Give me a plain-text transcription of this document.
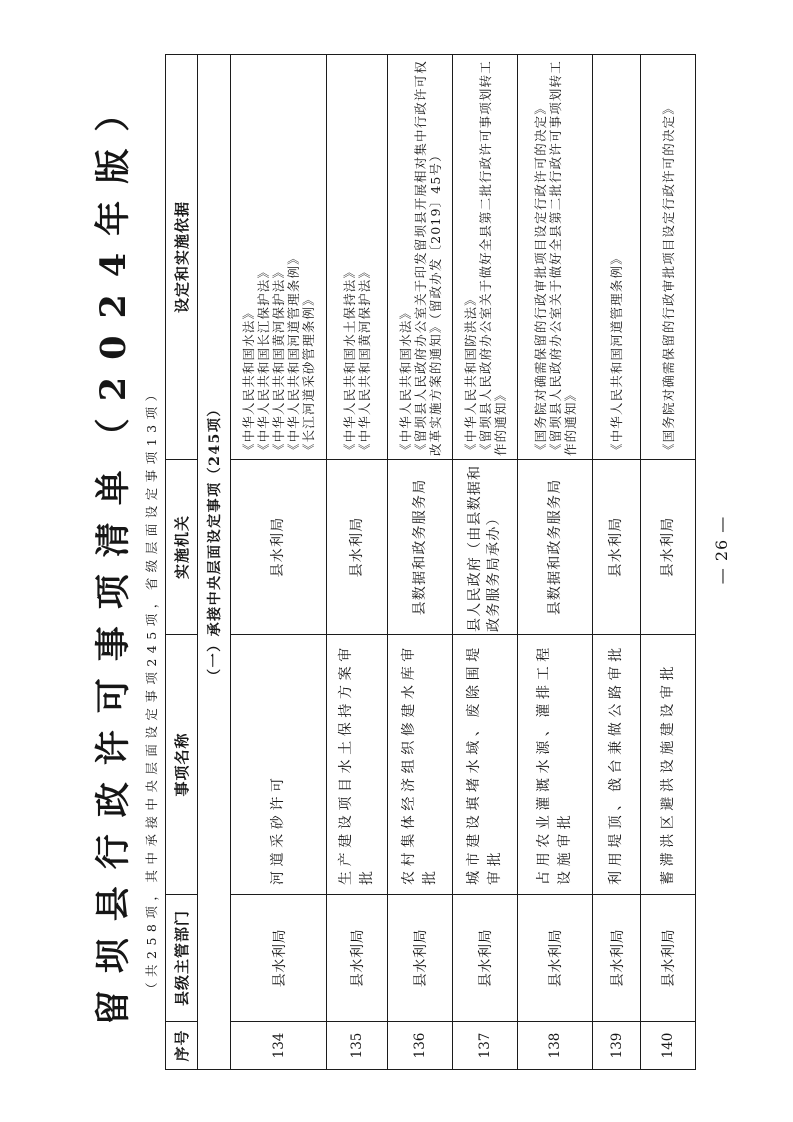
留坝县行政许可事项清单（2024年版） （共258项，其中承接中央层面设定事项245项，省级层面设定事项13项）
序号	县级主管部门	事项名称	实施机关	设定和实施依据
（一）承接中央层面设定事项（245项）				
134	县水利局	河道采砂许可	县水利局	《中华人民共和国水法》 《中华人民共和国长江保护法》 《中华人民共和国黄河保护法》 《中华人民共和国河道管理条例》 《长江河道采砂管理条例》

135	县水利局	生产建设项目水土保持方案审批	县水利局	《中华人民共和国水土保持法》 《中华人民共和国黄河保护法》

136	县水利局	农村集体经济组织修建水库审批	县数据和政务服务局	《中华人民共和国水法》 《留坝县人民政府办公室关于印发留坝县开展相对集中行政许可权改革实施方案的通知》（留政办发〔2019〕45号）

137	县水利局	城市建设填堵水域、废除围堤审批	县人民政府（由县数据和政务服务局承办）	《中华人民共和国防洪法》 《留坝县人民政府办公室关于做好全县第二批行政许可事项划转工作的通知》

138	县水利局	占用农业灌溉水源、灌排工程设施审批	县数据和政务服务局	《国务院对确需保留的行政审批项目设定行政许可的决定》 《留坝县人民政府办公室关于做好全县第二批行政许可事项划转工作的通知》

139	县水利局	利用堤顶、戗台兼做公路审批	县水利局	《中华人民共和国河道管理条例》

140	县水利局	蓄滞洪区避洪设施建设审批	县水利局	《国务院对确需保留的行政审批项目设定行政许可的决定》
— 26 —
